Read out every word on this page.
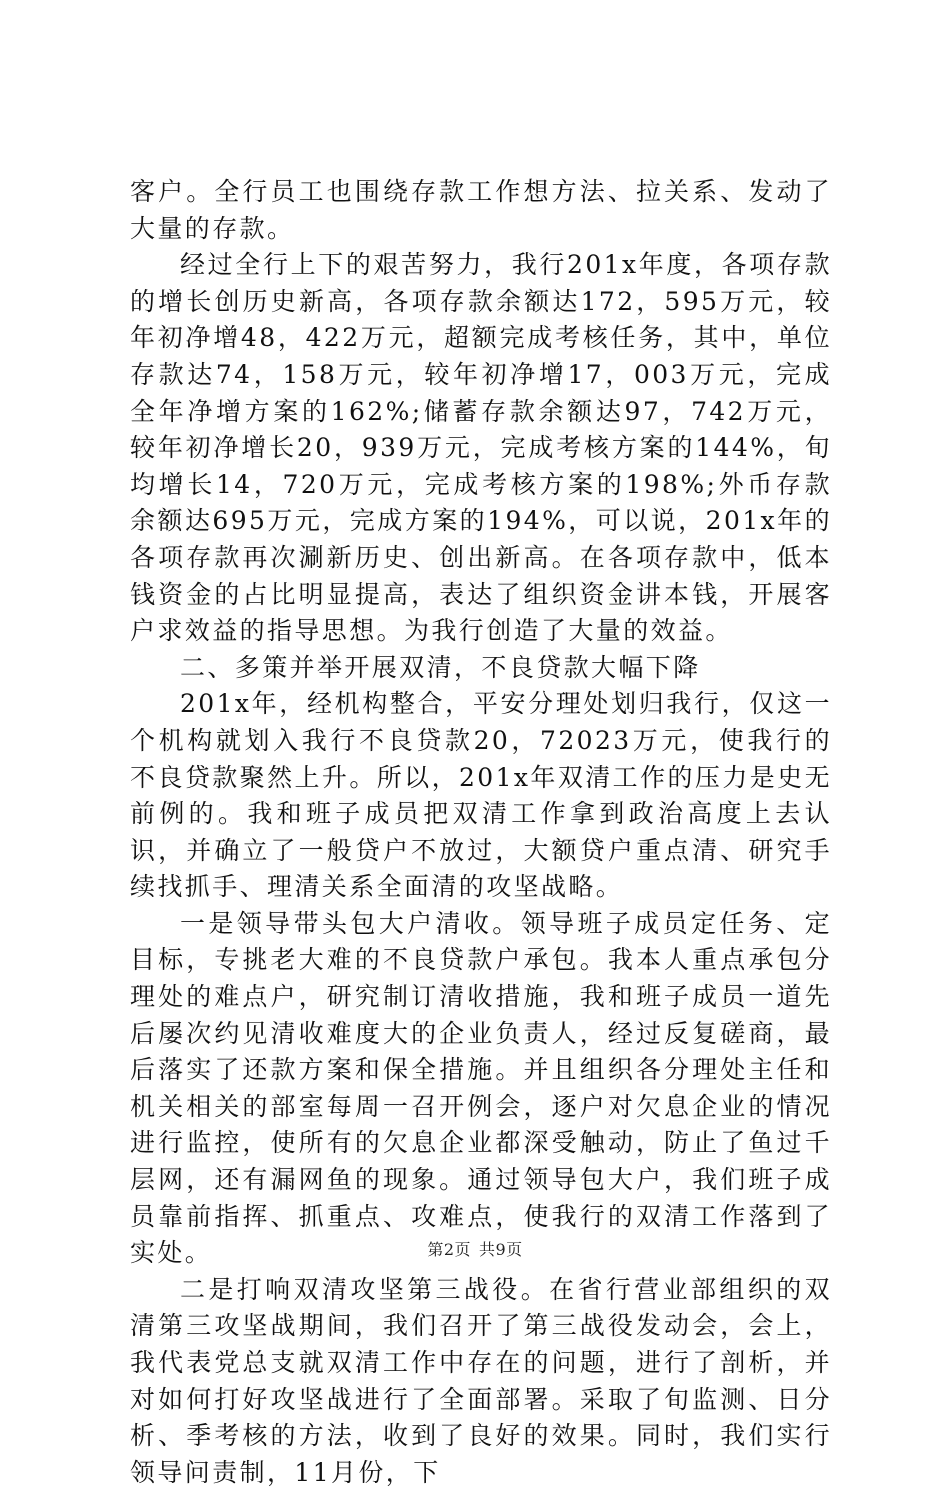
客户。全行员工也围绕存款工作想方法、拉关系、发动了大量的存款。

经过全行上下的艰苦努力，我行201x年度，各项存款的增长创历史新高，各项存款余额达172，595万元，较年初净增48，422万元，超额完成考核任务，其中，单位存款达74，158万元，较年初净增17，003万元，完成全年净增方案的162%;储蓄存款余额达97，742万元，较年初净增长20，939万元，完成考核方案的144%，旬均增长14，720万元，完成考核方案的198%;外币存款余额达695万元，完成方案的194%，可以说，201x年的各项存款再次涮新历史、创出新高。在各项存款中，低本钱资金的占比明显提高，表达了组织资金讲本钱，开展客户求效益的指导思想。为我行创造了大量的效益。

二、多策并举开展双清，不良贷款大幅下降

201x年，经机构整合，平安分理处划归我行，仅这一个机构就划入我行不良贷款20，72023万元，使我行的不良贷款聚然上升。所以，201x年双清工作的压力是史无前例的。我和班子成员把双清工作拿到政治高度上去认识，并确立了一般贷户不放过，大额贷户重点清、研究手续找抓手、理清关系全面清的攻坚战略。

一是领导带头包大户清收。领导班子成员定任务、定目标，专挑老大难的不良贷款户承包。我本人重点承包分理处的难点户，研究制订清收措施，我和班子成员一道先后屡次约见清收难度大的企业负责人，经过反复磋商，最后落实了还款方案和保全措施。并且组织各分理处主任和机关相关的部室每周一召开例会，逐户对欠息企业的情况进行监控，使所有的欠息企业都深受触动，防止了鱼过千层网，还有漏网鱼的现象。通过领导包大户，我们班子成员靠前指挥、抓重点、攻难点，使我行的双清工作落到了实处。

二是打响双清攻坚第三战役。在省行营业部组织的双清第三攻坚战期间，我们召开了第三战役发动会，会上，我代表党总支就双清工作中存在的问题，进行了剖析，并对如何打好攻坚战进行了全面部署。采取了旬监测、日分析、季考核的方法，收到了良好的效果。同时，我们实行领导问责制，11月份，下

第2页 共9页
